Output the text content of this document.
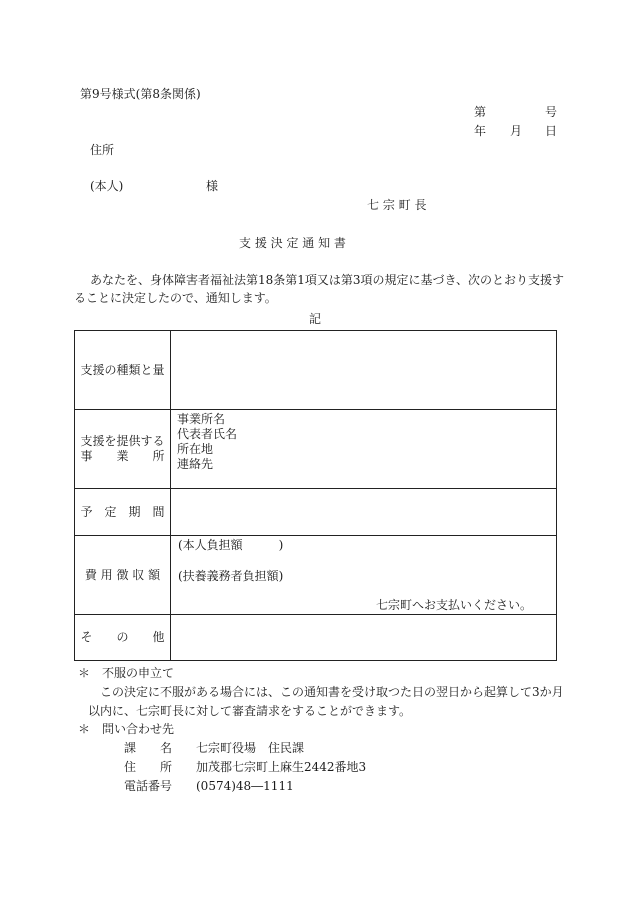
第9号様式(第8条関係)
第	号
年 月 日
住所
(本人)	様
七 宗 町 長
支 援 決 定 通 知 書
あなたを、身体障害者福祉法第18条第1項又は第3項の規定に基づき、次のとおり支援す
ることに決定したので、通知します。
記
支援の種類と量	

支援を提供する
事　　業　　所	事業所名
代表者氏名
所在地
連絡先

予　定　期　間	
費 用 徴 収 額	(本人負担額　　　)
(扶養義務者負担額)
七宗町へお支払いください。

そ　　の　　他	
＊　不服の申立て
この決定に不服がある場合には、この通知書を受け取つた日の翌日から起算して3か月
以内に、七宗町長に対して審査請求をすることができます。
＊　問い合わせ先
課　　名 七宗町役場　住民課
住　　所 加茂郡七宗町上麻生2442番地3
電話番号 (0574)48―1111
